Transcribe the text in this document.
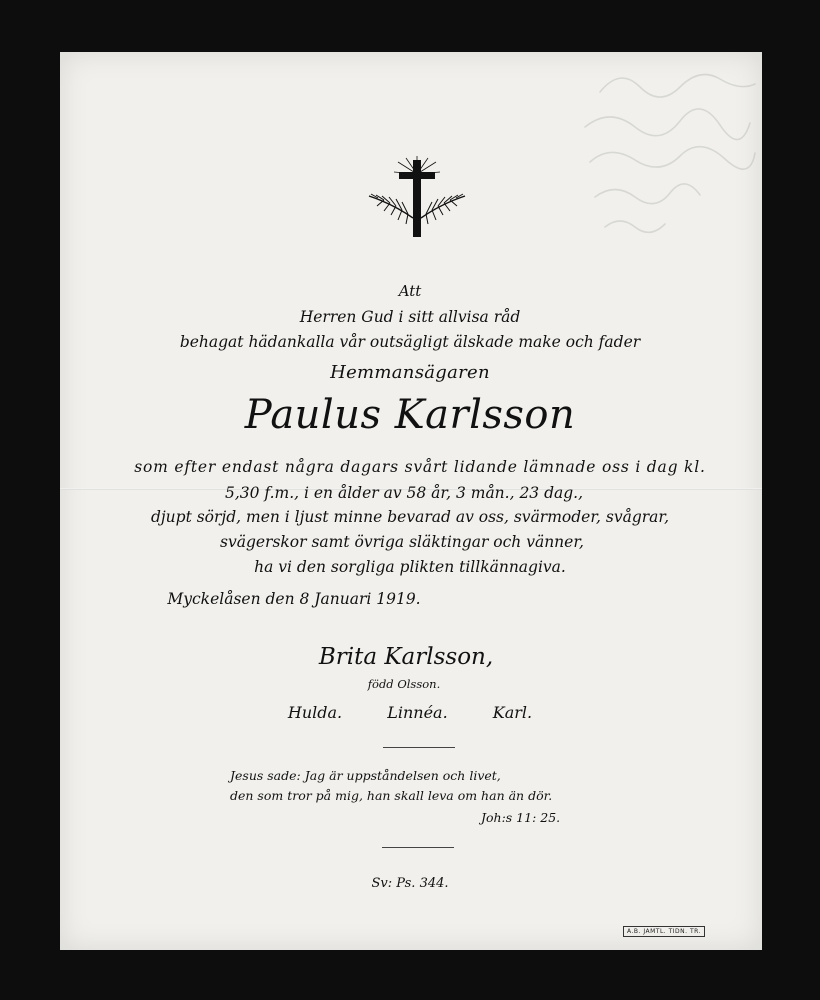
Att
Herren Gud i sitt allvisa råd
behagat hädankalla vår outsägligt älskade make och fader
Hemmansägaren
Paulus Karlsson
som efter endast några dagars svårt lidande lämnade oss i dag kl.
5,30 f.m., i en ålder av 58 år, 3 mån., 23 dag.,
djupt sörjd, men i ljust minne bevarad av oss, svärmoder, svågrar,
svägerskor samt övriga släktingar och vänner,
ha vi den sorgliga plikten tillkännagiva.
Myckelåsen den 8 Januari 1919.
Brita Karlsson,
född Olsson.
Hulda.	Linnéa.	Karl.
Jesus sade: Jag är uppståndelsen och livet,
den som tror på mig, han skall leva om han än dör.
Joh:s 11: 25.
Sv: Ps. 344.
A.B. JAMTL. TIDN. TR.
